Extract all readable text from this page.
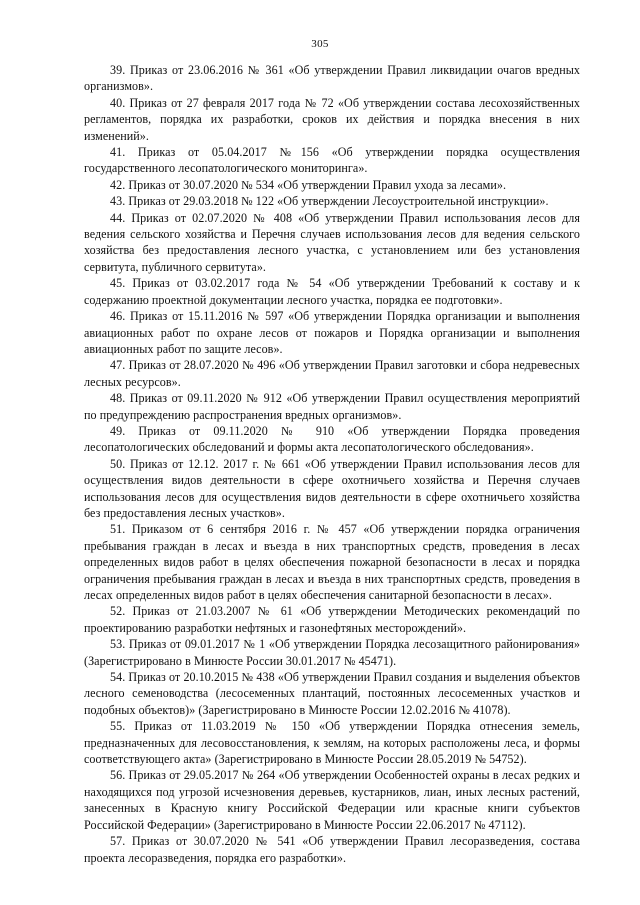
305

39. Приказ от 23.06.2016 № 361 «Об утверждении Правил ликвидации очагов вредных организмов».

40. Приказ от 27 февраля 2017 года № 72 «Об утверждении состава лесохозяйственных регламентов, порядка их разработки, сроков их действия и порядка внесения в них изменений».

41. Приказ от 05.04.2017 №156 «Об утверждении порядка осуществления государственного лесопатологического мониторинга».

42. Приказ от 30.07.2020 № 534 «Об утверждении Правил ухода за лесами».

43. Приказ от 29.03.2018 № 122 «Об утверждении Лесоустроительной инструкции».

44. Приказ от 02.07.2020 № 408 «Об утверждении Правил использования лесов для ведения сельского хозяйства и Перечня случаев использования лесов для ведения сельского хозяйства без предоставления лесного участка, с установлением или без установления сервитута, публичного сервитута».

45. Приказ от 03.02.2017 года № 54 «Об утверждении Требований к составу и к содержанию проектной документации лесного участка, порядка ее подготовки».

46. Приказ от 15.11.2016 № 597 «Об утверждении Порядка организации и выполнения авиационных работ по охране лесов от пожаров и Порядка организации и выполнения авиационных работ по защите лесов».

47. Приказ от 28.07.2020 № 496 «Об утверждении Правил заготовки и сбора недревесных лесных ресурсов».

48. Приказ от 09.11.2020 № 912 «Об утверждении Правил осуществления мероприятий по предупреждению распространения вредных организмов».

49. Приказ от 09.11.2020 № 910 «Об утверждении Порядка проведения лесопатологических обследований и формы акта лесопатологического обследования».

50. Приказ от 12.12. 2017 г. № 661 «Об утверждении Правил использования лесов для осуществления видов деятельности в сфере охотничьего хозяйства и Перечня случаев использования лесов для осуществления видов деятельности в сфере охотничьего хозяйства без предоставления лесных участков».

51. Приказом от 6 сентября 2016 г. № 457 «Об утверждении порядка ограничения пребывания граждан в лесах и въезда в них транспортных средств, проведения в лесах определенных видов работ в целях обеспечения пожарной безопасности в лесах и порядка ограничения пребывания граждан в лесах и въезда в них транспортных средств, проведения в лесах определенных видов работ в целях обеспечения санитарной безопасности в лесах».

52. Приказ от 21.03.2007 № 61 «Об утверждении Методических рекомендаций по проектированию разработки нефтяных и газонефтяных месторождений».

53. Приказ от 09.01.2017 № 1 «Об утверждении Порядка лесозащитного районирования» (Зарегистрировано в Минюсте России 30.01.2017 № 45471).

54. Приказ от 20.10.2015 № 438 «Об утверждении Правил создания и выделения объектов лесного семеноводства (лесосеменных плантаций, постоянных лесосеменных участков и подобных объектов)» (Зарегистрировано в Минюсте России 12.02.2016 № 41078).

55. Приказ от 11.03.2019 № 150 «Об утверждении Порядка отнесения земель, предназначенных для лесовосстановления, к землям, на которых расположены леса, и формы соответствующего акта» (Зарегистрировано в Минюсте России 28.05.2019 № 54752).

56. Приказ от 29.05.2017 № 264 «Об утверждении Особенностей охраны в лесах редких и находящихся под угрозой исчезновения деревьев, кустарников, лиан, иных лесных растений, занесенных в Красную книгу Российской Федерации или красные книги субъектов Российской Федерации» (Зарегистрировано в Минюсте России 22.06.2017 № 47112).

57. Приказ от 30.07.2020 № 541 «Об утверждении Правил лесоразведения, состава проекта лесоразведения, порядка его разработки».
